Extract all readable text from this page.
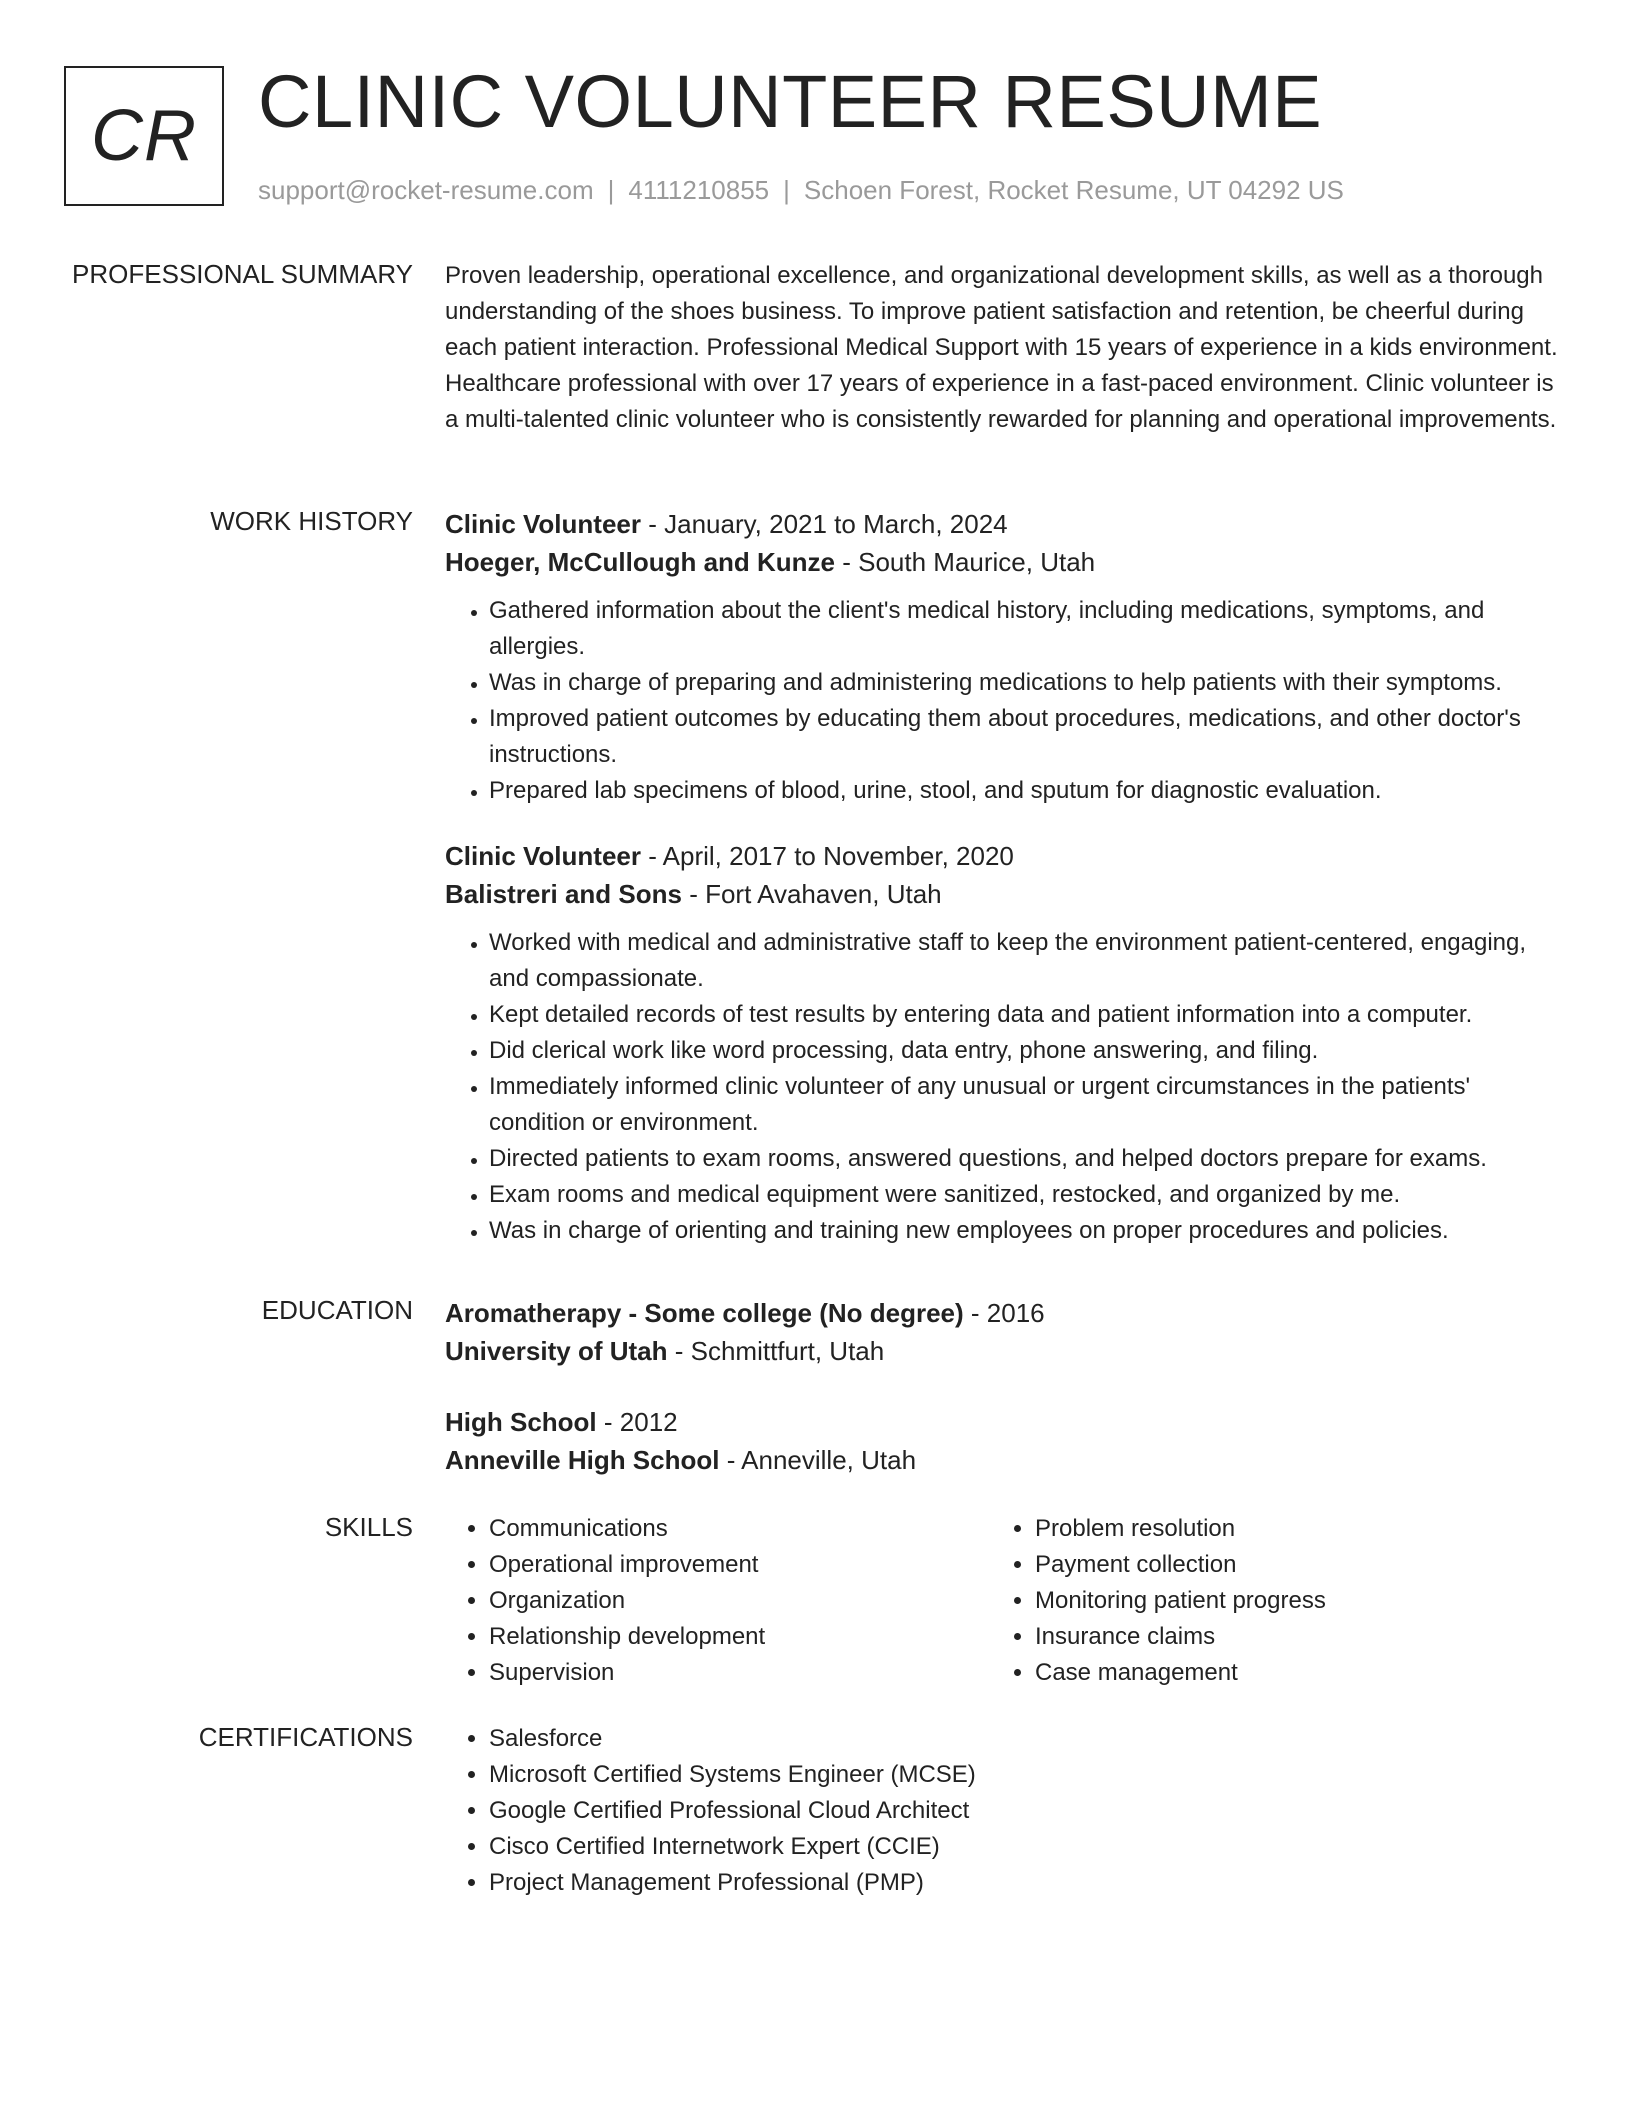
CR CLINIC VOLUNTEER RESUME
support@rocket-resume.com | 4111210855 | Schoen Forest, Rocket Resume, UT 04292 US
PROFESSIONAL SUMMARY Proven leadership, operational excellence, and organizational development skills, as well as a thorough understanding of the shoes business. To improve patient satisfaction and retention, be cheerful during each patient interaction. Professional Medical Support with 15 years of experience in a kids environment. Healthcare professional with over 17 years of experience in a fast-paced environment. Clinic volunteer is a multi-talented clinic volunteer who is consistently rewarded for planning and operational improvements.

WORK HISTORY Clinic Volunteer - January, 2021 to March, 2024

Hoeger, McCullough and Kunze - South Maurice, Utah

• Gathered information about the client's medical history, including medications, symptoms, and allergies.
• Was in charge of preparing and administering medications to help patients with their symptoms.
• Improved patient outcomes by educating them about procedures, medications, and other doctor's instructions.
• Prepared lab specimens of blood, urine, stool, and sputum for diagnostic evaluation.

Clinic Volunteer - April, 2017 to November, 2020

Balistreri and Sons - Fort Avahaven, Utah

• Worked with medical and administrative staff to keep the environment patient-centered, engaging, and compassionate.
• Kept detailed records of test results by entering data and patient information into a computer.
• Did clerical work like word processing, data entry, phone answering, and filing.
• Immediately informed clinic volunteer of any unusual or urgent circumstances in the patients' condition or environment.
• Directed patients to exam rooms, answered questions, and helped doctors prepare for exams.
• Exam rooms and medical equipment were sanitized, restocked, and organized by me.
• Was in charge of orienting and training new employees on proper procedures and policies.
EDUCATION Aromatherapy - Some college (No degree) - 2016

University of Utah - Schmittfurt, Utah

High School - 2012

Anneville High School - Anneville, Utah

SKILLS	• Communications
• Operational improvement
• Organization
• Relationship development
• Supervision
• Problem resolution
• Payment collection
• Monitoring patient progress
• Insurance claims
• Case management
CERTIFICATIONS	• Salesforce
• Microsoft Certified Systems Engineer (MCSE)
• Google Certified Professional Cloud Architect
• Cisco Certified Internetwork Expert (CCIE)
• Project Management Professional (PMP)
